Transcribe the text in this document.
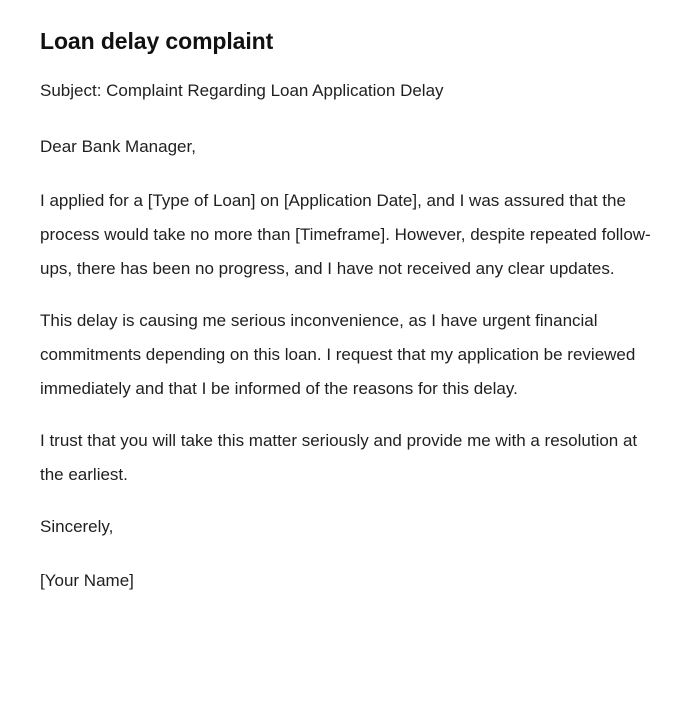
Loan delay complaint

Subject: Complaint Regarding Loan Application Delay

Dear Bank Manager,

I applied for a [Type of Loan] on [Application Date], and I was assured that the process would take no more than [Timeframe]. However, despite repeated follow-ups, there has been no progress, and I have not received any clear updates.

This delay is causing me serious inconvenience, as I have urgent financial commitments depending on this loan. I request that my application be reviewed immediately and that I be informed of the reasons for this delay.

I trust that you will take this matter seriously and provide me with a resolution at the earliest.

Sincerely,

[Your Name]
